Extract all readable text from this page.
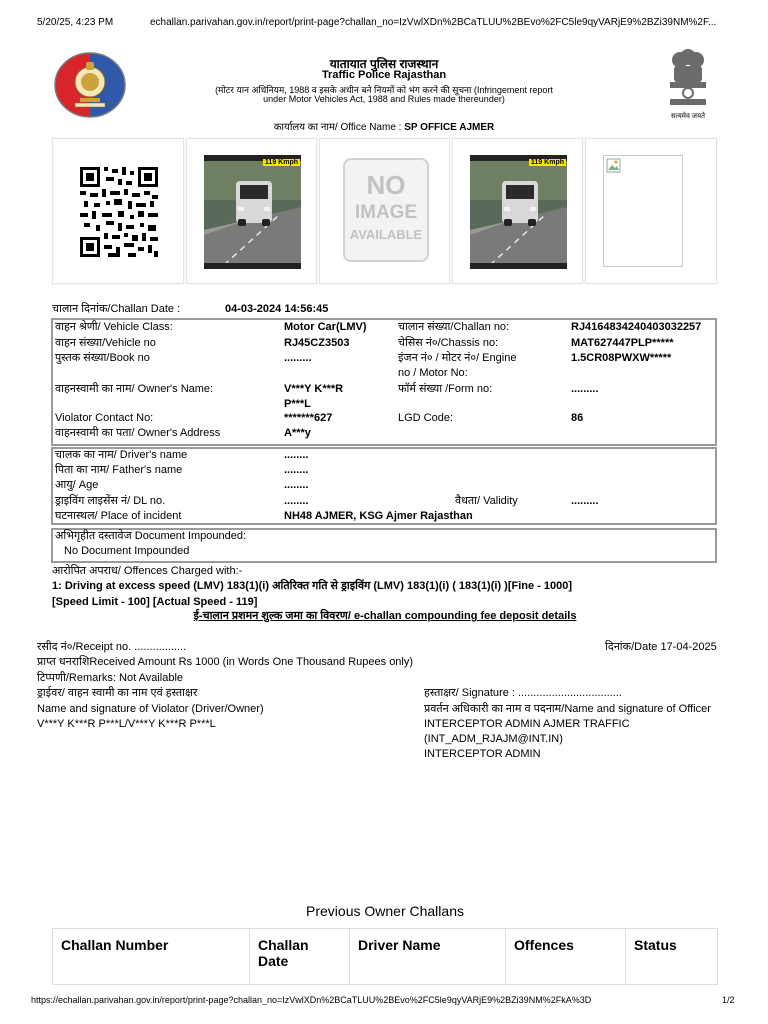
5/20/25, 4:23 PM	echallan.parivahan.gov.in/report/print-page?challan_no=IzVwlXDn%2BCaTLUU%2BEvo%2FC5le9qyVARjE9%2BZi39NM%2F...
यातायात पुलिस राजस्थान
Traffic Police Rajasthan
(मोटर यान अधिनियम, 1988 व इसके अधीन बने नियमों को भंग करने की सूचना (Infringement report
under Motor Vehicles Act, 1988 and Rules made thereunder)
कार्यालय का नाम/ Office Name : SP OFFICE AJMER
सत्यमेव जयते
119 Kmph
NO
IMAGE
AVAILABLE
119 Kmph
चालान दिनांक/Challan Date :	04-03-2024 14:56:45
वाहन श्रेणी/ Vehicle Class:	Motor Car(LMV)	चालान संख्या/Challan no:	RJ4164834240403032257
वाहन संख्या/Vehicle no	RJ45CZ3503	चेसिस नं०/Chassis no:	MAT627447PLP*****
पुस्तक संख्या/Book no	.........	इंजन नं० / मोटर नं०/ Engine
no / Motor No:
1.5CR08PWXW*****
वाहनस्वामी का नाम/ Owner's Name:	V***Y K***R
P***L
फॉर्म संख्या /Form no:	.........
Violator Contact No:	*******627	LGD Code:	86
वाहनस्वामी का पता/ Owner's Address	A***y
चालक का नाम/ Driver's name	........
पिता का नाम/ Father's name	........
आयु/ Age	........
ड्राइविंग लाइसेंस नं/ DL no.	........	वैधता/ Validity	.........
घटनास्थल/ Place of incident	NH48 AJMER, KSG Ajmer Rajasthan
अभिगृहीत दस्तावेज Document Impounded:
No Document Impounded
आरोपित अपराध/ Offences Charged with:-
1: Driving at excess speed (LMV) 183(1)(i) अतिरिक्त गति से ड्राइविंग (LMV) 183(1)(i) ( 183(1)(i) )[Fine - 1000]
[Speed Limit - 100] [Actual Speed - 119]
ई-चालान प्रशमन शुल्क जमा का विवरण/ e-challan compounding fee deposit details
रसीद नं०/Receipt no. .................	दिनांक/Date 17-04-2025
प्राप्त धनराशिReceived Amount Rs 1000 (in Words One Thousand Rupees only)
टिप्पणी/Remarks: Not Available
ड्राईवर/ वाहन स्वामी का नाम एवं हस्ताक्षर
Name and signature of Violator (Driver/Owner)
V***Y K***R P***L/V***Y K***R P***L
हस्ताक्षर/ Signature : ..................................
प्रवर्तन अधिकारी का नाम व पदनाम/Name and signature of Officer
INTERCEPTOR ADMIN AJMER TRAFFIC
(INT_ADM_RJAJM@INT.IN)
INTERCEPTOR ADMIN
Previous Owner Challans
Challan Number	Challan Date	Driver Name	Offences	Status
https://echallan.parivahan.gov.in/report/print-page?challan_no=IzVwlXDn%2BCaTLUU%2BEvo%2FC5le9qyVARjE9%2BZi39NM%2FkA%3D	1/2
